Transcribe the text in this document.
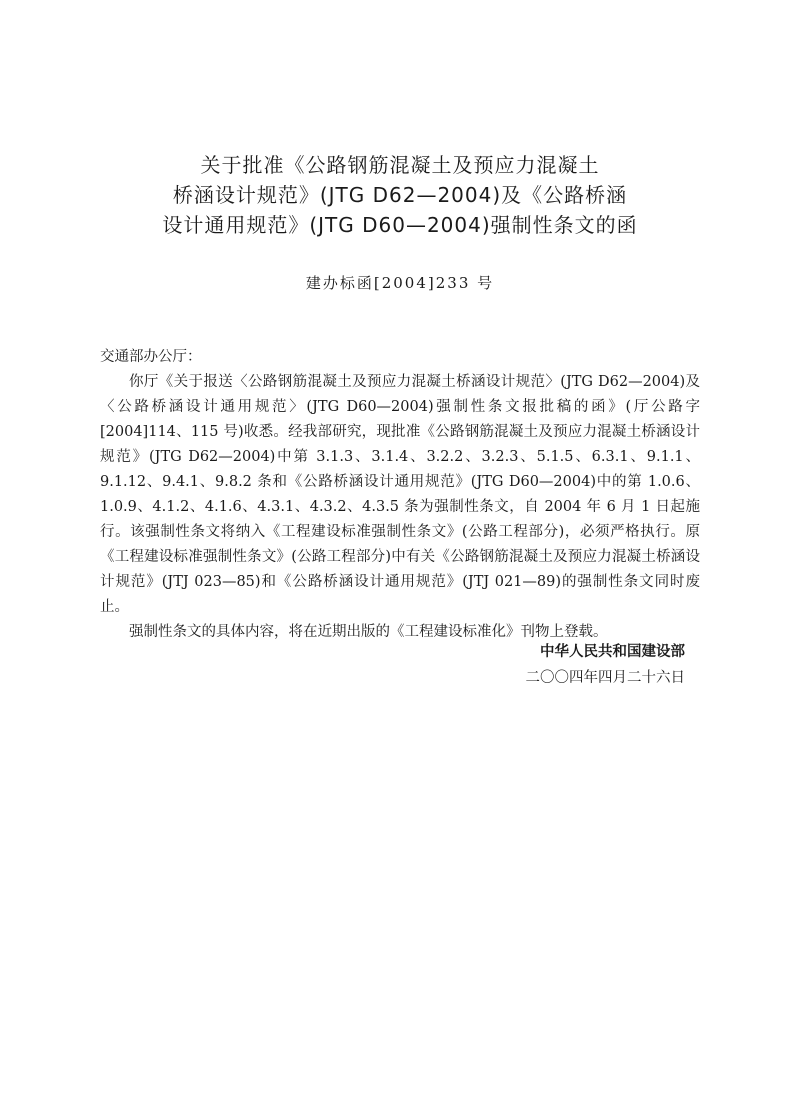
关于批准《公路钢筋混凝土及预应力混凝土
桥涵设计规范》(JTG D62—2004)及《公路桥涵
设计通用规范》(JTG D60—2004)强制性条文的函
建办标函[2004]233 号

交通部办公厅：

你厅《关于报送〈公路钢筋混凝土及预应力混凝土桥涵设计规范〉(JTG D62—2004)及〈公路桥涵设计通用规范〉(JTG D60—2004)强制性条文报批稿的函》(厅公路字[2004]114、115 号)收悉。经我部研究，现批准《公路钢筋混凝土及预应力混凝土桥涵设计规范》(JTG D62—2004)中第 3.1.3、3.1.4、3.2.2、3.2.3、5.1.5、6.3.1、9.1.1、9.1.12、9.4.1、9.8.2 条和《公路桥涵设计通用规范》(JTG D60—2004)中的第 1.0.6、1.0.9、4.1.2、4.1.6、4.3.1、4.3.2、4.3.5 条为强制性条文，自 2004 年 6 月 1 日起施行。该强制性条文将纳入《工程建设标准强制性条文》(公路工程部分)，必须严格执行。原《工程建设标准强制性条文》(公路工程部分)中有关《公路钢筋混凝土及预应力混凝土桥涵设计规范》(JTJ 023—85)和《公路桥涵设计通用规范》(JTJ 021—89)的强制性条文同时废止。

强制性条文的具体内容，将在近期出版的《工程建设标准化》刊物上登载。

中华人民共和国建设部
二〇〇四年四月二十六日
